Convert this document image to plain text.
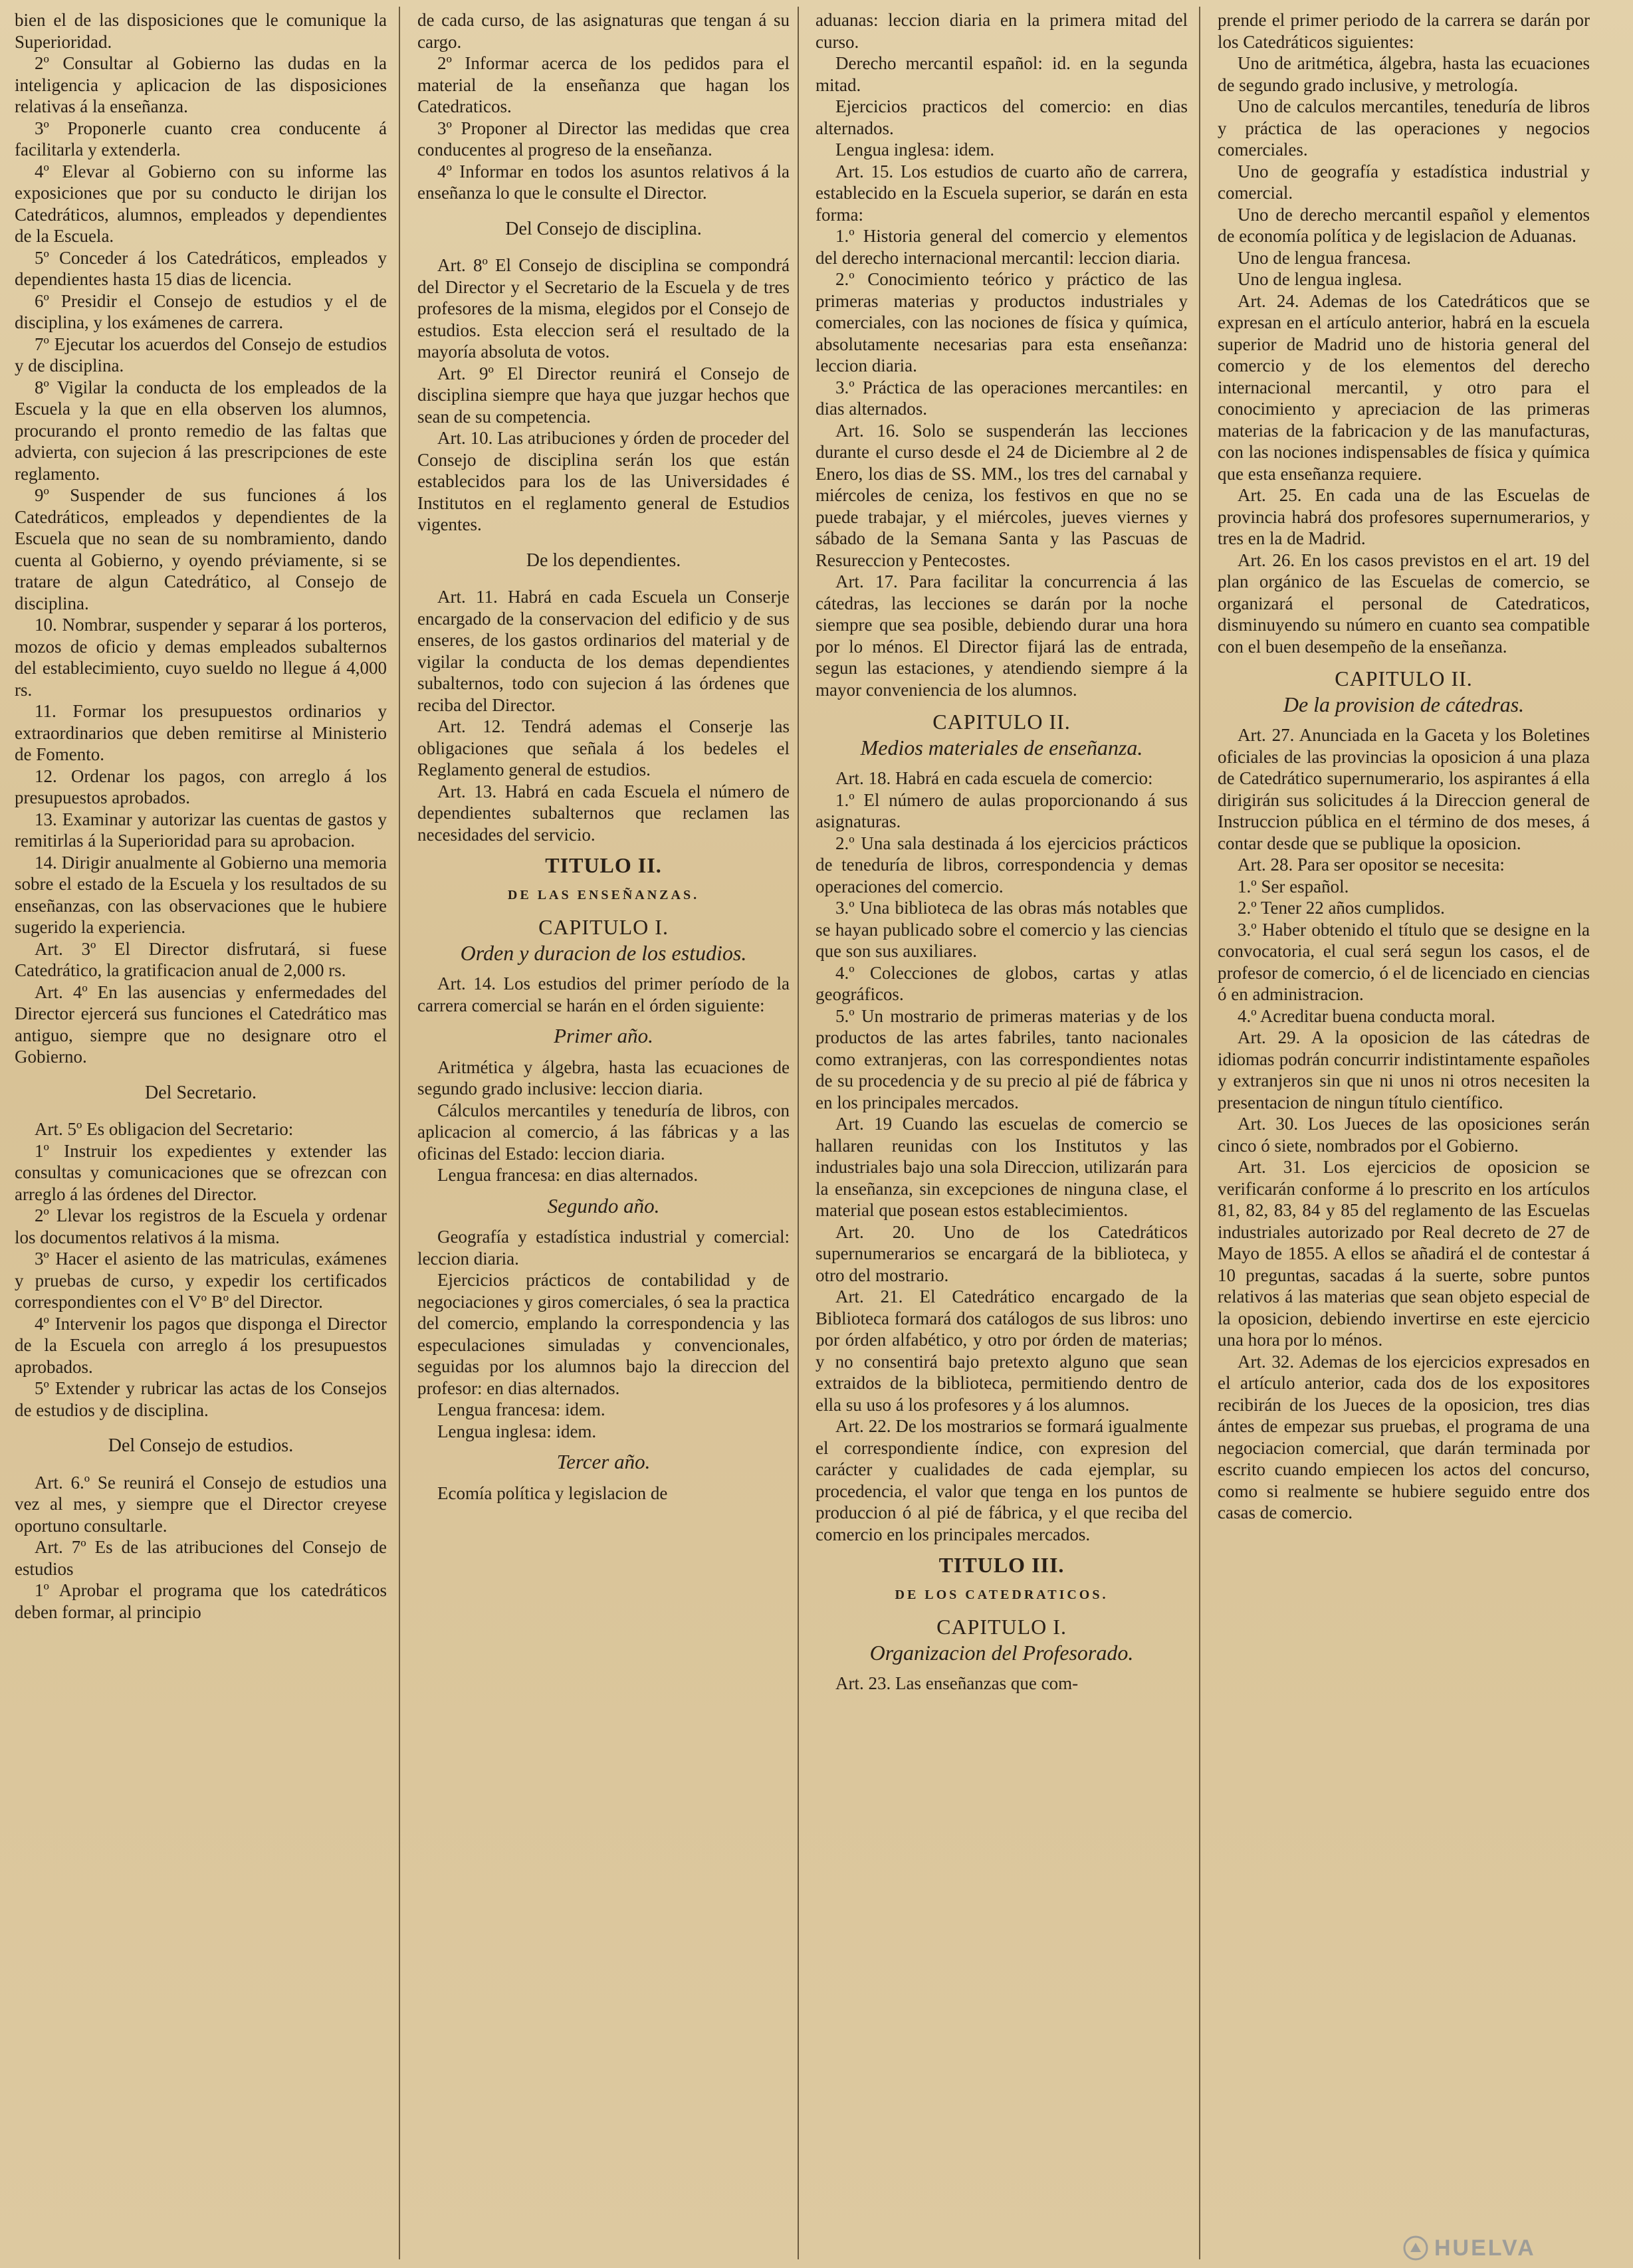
bien el de las disposiciones que le comunique la Superioridad.

2º Consultar al Gobierno las dudas en la inteligencia y aplicacion de las disposiciones relativas á la enseñanza.

3º Proponerle cuanto crea conducente á facilitarla y extenderla.

4º Elevar al Gobierno con su informe las exposiciones que por su conducto le dirijan los Catedráticos, alumnos, empleados y dependientes de la Escuela.

5º Conceder á los Catedráticos, empleados y dependientes hasta 15 dias de licencia.

6º Presidir el Consejo de estudios y el de disciplina, y los exámenes de carrera.

7º Ejecutar los acuerdos del Consejo de estudios y de disciplina.

8º Vigilar la conducta de los empleados de la Escuela y la que en ella observen los alumnos, procurando el pronto remedio de las faltas que advierta, con sujecion á las prescripciones de este reglamento.

9º Suspender de sus funciones á los Catedráticos, empleados y dependientes de la Escuela que no sean de su nombramiento, dando cuenta al Gobierno, y oyendo préviamente, si se tratare de algun Catedrático, al Consejo de disciplina.

10. Nombrar, suspender y separar á los porteros, mozos de oficio y demas empleados subalternos del establecimiento, cuyo sueldo no llegue á 4,000 rs.

11. Formar los presupuestos ordinarios y extraordinarios que deben remitirse al Ministerio de Fomento.

12. Ordenar los pagos, con arreglo á los presupuestos aprobados.

13. Examinar y autorizar las cuentas de gastos y remitirlas á la Superioridad para su aprobacion.

14. Dirigir anualmente al Gobierno una memoria sobre el estado de la Escuela y los resultados de su enseñanzas, con las observaciones que le hubiere sugerido la experiencia.

Art. 3º El Director disfrutará, si fuese Catedrático, la gratificacion anual de 2,000 rs.

Art. 4º En las ausencias y enfermedades del Director ejercerá sus funciones el Catedrático mas antiguo, siempre que no designare otro el Gobierno.

Del Secretario.

Art. 5º Es obligacion del Secretario:

1º Instruir los expedientes y extender las consultas y comunicaciones que se ofrezcan con arreglo á las órdenes del Director.

2º Llevar los registros de la Escuela y ordenar los documentos relativos á la misma.

3º Hacer el asiento de las matriculas, exámenes y pruebas de curso, y expedir los certificados correspondientes con el Vº Bº del Director.

4º Intervenir los pagos que disponga el Director de la Escuela con arreglo á los presupuestos aprobados.

5º Extender y rubricar las actas de los Consejos de estudios y de disciplina.

Del Consejo de estudios.

Art. 6.º Se reunirá el Consejo de estudios una vez al mes, y siempre que el Director creyese oportuno consultarle.

Art. 7º Es de las atribuciones del Consejo de estudios

1º Aprobar el programa que los catedráticos deben formar, al principio

de cada curso, de las asignaturas que tengan á su cargo.

2º Informar acerca de los pedidos para el material de la enseñanza que hagan los Catedraticos.

3º Proponer al Director las medidas que crea conducentes al progreso de la enseñanza.

4º Informar en todos los asuntos relativos á la enseñanza lo que le consulte el Director.

Del Consejo de disciplina.

Art. 8º El Consejo de disciplina se compondrá del Director y el Secretario de la Escuela y de tres profesores de la misma, elegidos por el Consejo de estudios. Esta eleccion será el resultado de la mayoría absoluta de votos.

Art. 9º El Director reunirá el Consejo de disciplina siempre que haya que juzgar hechos que sean de su competencia.

Art. 10. Las atribuciones y órden de proceder del Consejo de disciplina serán los que están establecidos para los de las Universidades é Institutos en el reglamento general de Estudios vigentes.

De los dependientes.

Art. 11. Habrá en cada Escuela un Conserje encargado de la conservacion del edificio y de sus enseres, de los gastos ordinarios del material y de vigilar la conducta de los demas dependientes subalternos, todo con sujecion á las órdenes que reciba del Director.

Art. 12. Tendrá ademas el Conserje las obligaciones que señala á los bedeles el Reglamento general de estudios.

Art. 13. Habrá en cada Escuela el número de dependientes subalternos que reclamen las necesidades del servicio.

TITULO II.

DE LAS ENSEÑANZAS.

CAPITULO I.

Orden y duracion de los estudios.

Art. 14. Los estudios del primer período de la carrera comercial se harán en el órden siguiente:

Primer año.

Aritmética y álgebra, hasta las ecuaciones de segundo grado inclusive: leccion diaria.

Cálculos mercantiles y teneduría de libros, con aplicacion al comercio, á las fábricas y a las oficinas del Estado: leccion diaria.

Lengua francesa: en dias alternados.

Segundo año.

Geografía y estadística industrial y comercial: leccion diaria.

Ejercicios prácticos de contabilidad y de negociaciones y giros comerciales, ó sea la practica del comercio, emplando la correspondencia y las especulaciones simuladas y convencionales, seguidas por los alumnos bajo la direccion del profesor: en dias alternados.

Lengua francesa: idem.

Lengua inglesa: idem.

Tercer año.

Ecomía política y legislacion de

aduanas: leccion diaria en la primera mitad del curso.

Derecho mercantil español: id. en la segunda mitad.

Ejercicios practicos del comercio: en dias alternados.

Lengua inglesa: idem.

Art. 15. Los estudios de cuarto año de carrera, establecido en la Escuela superior, se darán en esta forma:

1.º Historia general del comercio y elementos del derecho internacional mercantil: leccion diaria.

2.º Conocimiento teórico y práctico de las primeras materias y productos industriales y comerciales, con las nociones de física y química, absolutamente necesarias para esta enseñanza: leccion diaria.

3.º Práctica de las operaciones mercantiles: en dias alternados.

Art. 16. Solo se suspenderán las lecciones durante el curso desde el 24 de Diciembre al 2 de Enero, los dias de SS. MM., los tres del carnabal y miércoles de ceniza, los festivos en que no se puede trabajar, y el miércoles, jueves viernes y sábado de la Semana Santa y las Pascuas de Resureccion y Pentecostes.

Art. 17. Para facilitar la concurrencia á las cátedras, las lecciones se darán por la noche siempre que sea posible, debiendo durar una hora por lo ménos. El Director fijará las de entrada, segun las estaciones, y atendiendo siempre á la mayor conveniencia de los alumnos.

CAPITULO II.

Medios materiales de enseñanza.

Art. 18. Habrá en cada escuela de comercio:

1.º El número de aulas proporcionando á sus asignaturas.

2.º Una sala destinada á los ejercicios prácticos de teneduría de libros, correspondencia y demas operaciones del comercio.

3.º Una biblioteca de las obras más notables que se hayan publicado sobre el comercio y las ciencias que son sus auxiliares.

4.º Colecciones de globos, cartas y atlas geográficos.

5.º Un mostrario de primeras materias y de los productos de las artes fabriles, tanto nacionales como extranjeras, con las correspondientes notas de su procedencia y de su precio al pié de fábrica y en los principales mercados.

Art. 19 Cuando las escuelas de comercio se hallaren reunidas con los Institutos y las industriales bajo una sola Direccion, utilizarán para la enseñanza, sin excepciones de ninguna clase, el material que posean estos establecimientos.

Art. 20. Uno de los Catedráticos supernumerarios se encargará de la biblioteca, y otro del mostrario.

Art. 21. El Catedrático encargado de la Biblioteca formará dos catálogos de sus libros: uno por órden alfabético, y otro por órden de materias; y no consentirá bajo pretexto alguno que sean extraidos de la biblioteca, permitiendo dentro de ella su uso á los profesores y á los alumnos.

Art. 22. De los mostrarios se formará igualmente el correspondiente índice, con expresion del carácter y cualidades de cada ejemplar, su procedencia, el valor que tenga en los puntos de produccion ó al pié de fábrica, y el que reciba del comercio en los principales mercados.

TITULO III.

DE LOS CATEDRATICOS.

CAPITULO I.

Organizacion del Profesorado.

Art. 23. Las enseñanzas que com-

prende el primer periodo de la carrera se darán por los Catedráticos siguientes:

Uno de aritmética, álgebra, hasta las ecuaciones de segundo grado inclusive, y metrología.

Uno de calculos mercantiles, teneduría de libros y práctica de las operaciones y negocios comerciales.

Uno de geografía y estadística industrial y comercial.

Uno de derecho mercantil español y elementos de economía política y de legislacion de Aduanas.

Uno de lengua francesa.

Uno de lengua inglesa.

Art. 24. Ademas de los Catedráticos que se expresan en el artículo anterior, habrá en la escuela superior de Madrid uno de historia general del comercio y de los elementos del derecho internacional mercantil, y otro para el conocimiento y apreciacion de las primeras materias de la fabricacion y de las manufacturas, con las nociones indispensables de física y química que esta enseñanza requiere.

Art. 25. En cada una de las Escuelas de provincia habrá dos profesores supernumerarios, y tres en la de Madrid.

Art. 26. En los casos previstos en el art. 19 del plan orgánico de las Escuelas de comercio, se organizará el personal de Catedraticos, disminuyendo su número en cuanto sea compatible con el buen desempeño de la enseñanza.

CAPITULO II.

De la provision de cátedras.

Art. 27. Anunciada en la Gaceta y los Boletines oficiales de las provincias la oposicion á una plaza de Catedrático supernumerario, los aspirantes á ella dirigirán sus solicitudes á la Direccion general de Instruccion pública en el término de dos meses, á contar desde que se publique la oposicion.

Art. 28. Para ser opositor se necesita:

1.º Ser español.

2.º Tener 22 años cumplidos.

3.º Haber obtenido el título que se designe en la convocatoria, el cual será segun los casos, el de profesor de comercio, ó el de licenciado en ciencias ó en administracion.

4.º Acreditar buena conducta moral.

Art. 29. A la oposicion de las cátedras de idiomas podrán concurrir indistintamente españoles y extranjeros sin que ni unos ni otros necesiten la presentacion de ningun título científico.

Art. 30. Los Jueces de las oposiciones serán cinco ó siete, nombrados por el Gobierno.

Art. 31. Los ejercicios de oposicion se verificarán conforme á lo prescrito en los artículos 81, 82, 83, 84 y 85 del reglamento de las Escuelas industriales autorizado por Real decreto de 27 de Mayo de 1855. A ellos se añadirá el de contestar á 10 preguntas, sacadas á la suerte, sobre puntos relativos á las materias que sean objeto especial de la oposicion, debiendo invertirse en este ejercicio una hora por lo ménos.

Art. 32. Ademas de los ejercicios expresados en el artículo anterior, cada dos de los expositores recibirán de los Jueces de la oposicion, tres dias ántes de empezar sus pruebas, el programa de una negociacion comercial, que darán terminada por escrito cuando empiecen los actos del concurso, como si realmente se hubiere seguido entre dos casas de comercio.

HUELVA
